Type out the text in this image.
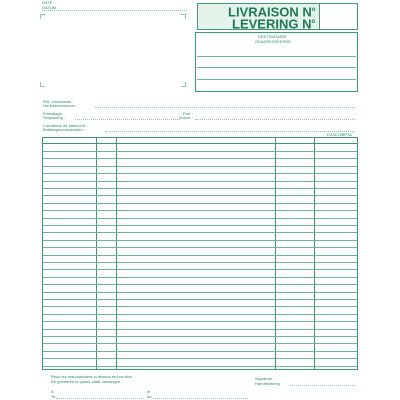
DATE
DATUM	LIVRAISON $N^o$
LEVERING $N^o$
DESTINATAIRE
GEADRESSEERDE
Réf. commande :
Uw bestelnummer :
Emballage :
Verpakking :
Port :
Vracht :
Conditions de paiement :
Betalingsvoorwaarden :
EXACOMPTA
Reçu les marchandises ci-dessus en bon état
De goederen in goede staat ontvangen
Signature :
Handtekening :
A
Te
le
de
